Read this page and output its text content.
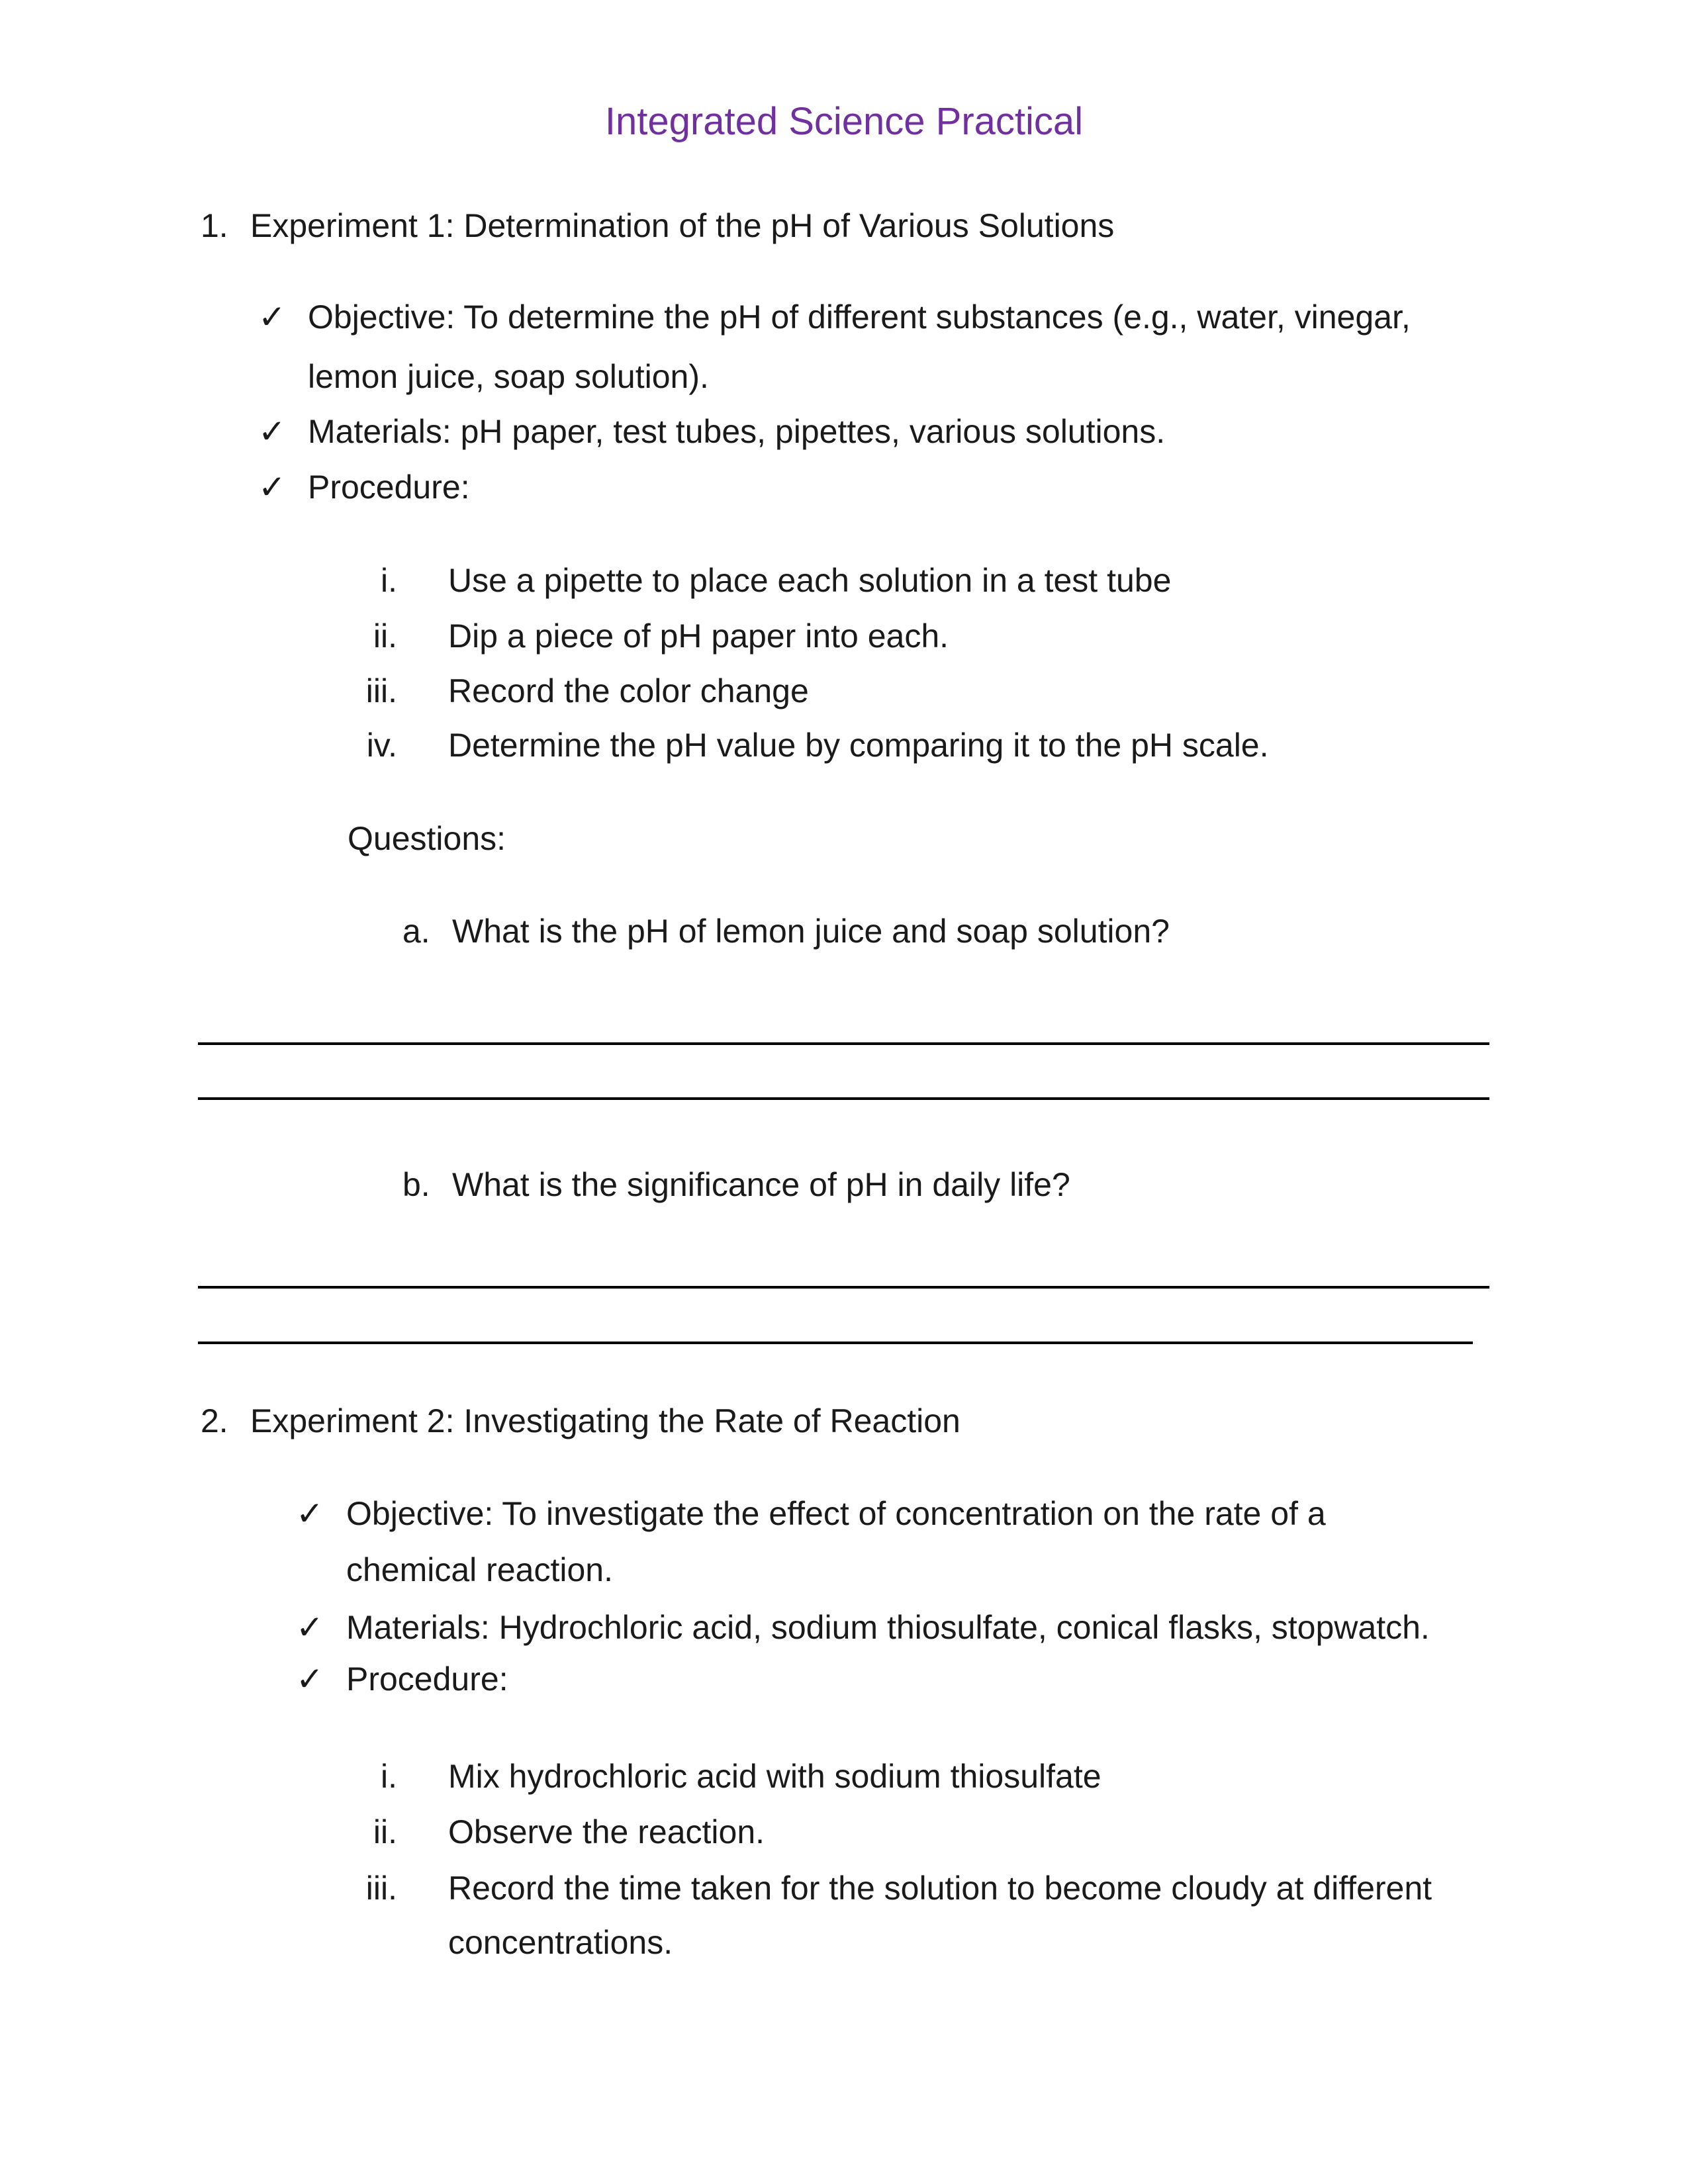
Integrated Science Practical
1. Experiment 1: Determination of the pH of Various Solutions
✓ Objective: To determine the pH of different substances (e.g., water, vinegar,
lemon juice, soap solution).
✓ Materials: pH paper, test tubes, pipettes, various solutions.
✓ Procedure:
i. Use a pipette to place each solution in a test tube
ii. Dip a piece of pH paper into each.
iii. Record the color change
iv. Determine the pH value by comparing it to the pH scale.
Questions:
a. What is the pH of lemon juice and soap solution?
b. What is the significance of pH in daily life?
2. Experiment 2: Investigating the Rate of Reaction
✓ Objective: To investigate the effect of concentration on the rate of a
chemical reaction.
✓ Materials: Hydrochloric acid, sodium thiosulfate, conical flasks, stopwatch.
✓ Procedure:
i. Mix hydrochloric acid with sodium thiosulfate
ii. Observe the reaction.
iii. Record the time taken for the solution to become cloudy at different
concentrations.
